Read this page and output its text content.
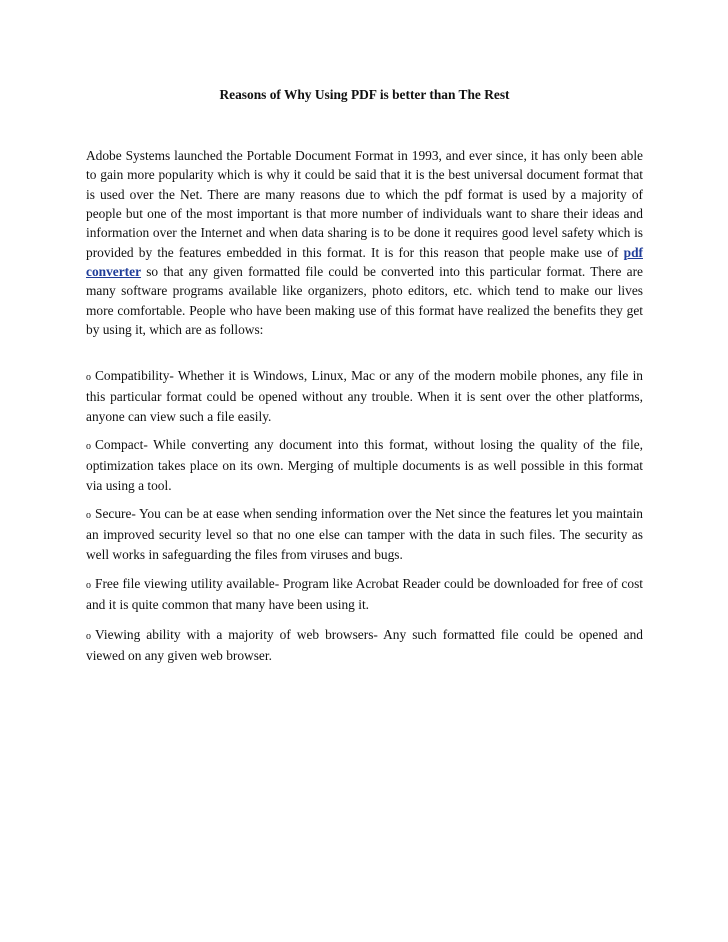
Reasons of Why Using PDF is better than The Rest

Adobe Systems launched the Portable Document Format in 1993, and ever since, it has only been able to gain more popularity which is why it could be said that it is the best universal document format that is used over the Net. There are many reasons due to which the pdf format is used by a majority of people but one of the most important is that more number of individuals want to share their ideas and information over the Internet and when data sharing is to be done it requires good level safety which is provided by the features embedded in this format. It is for this reason that people make use of pdf converter so that any given formatted file could be converted into this particular format. There are many software programs available like organizers, photo editors, etc. which tend to make our lives more comfortable. People who have been making use of this format have realized the benefits they get by using it, which are as follows:

o Compatibility- Whether it is Windows, Linux, Mac or any of the modern mobile phones, any file in this particular format could be opened without any trouble. When it is sent over the other platforms, anyone can view such a file easily.

o Compact- While converting any document into this format, without losing the quality of the file, optimization takes place on its own. Merging of multiple documents is as well possible in this format via using a tool.

o Secure- You can be at ease when sending information over the Net since the features let you maintain an improved security level so that no one else can tamper with the data in such files. The security as well works in safeguarding the files from viruses and bugs.

o Free file viewing utility available- Program like Acrobat Reader could be downloaded for free of cost and it is quite common that many have been using it.

o Viewing ability with a majority of web browsers- Any such formatted file could be opened and viewed on any given web browser.
